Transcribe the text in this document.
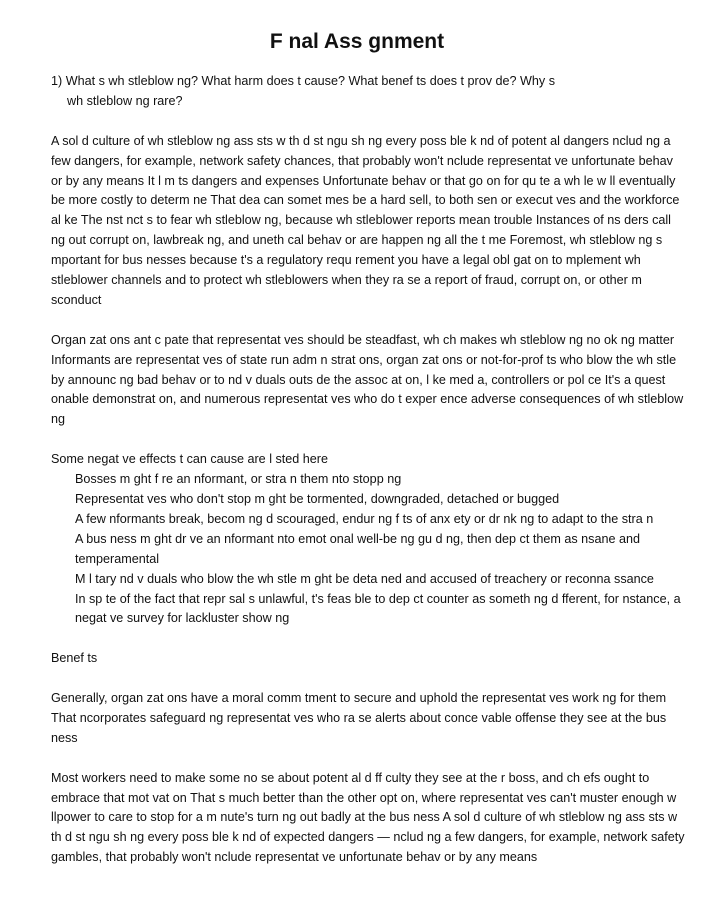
F nal Ass gnment

1) What s wh stleblow ng? What harm does t cause? What benef ts does t prov de? Why s
wh stleblow ng rare?

A sol d culture of wh stleblow ng ass sts w th d st ngu sh ng every poss ble k nd of potent al dangers nclud ng a few dangers, for example, network safety chances, that probably won't nclude representat ve unfortunate behav or by any means It l m ts dangers and expenses Unfortunate behav or that go on for qu te a wh le w ll eventually be more costly to determ ne That dea can somet mes be a hard sell, to both sen or execut ves and the workforce al ke The nst nct s to fear wh stleblow ng, because wh stleblower reports mean trouble Instances of ns ders call ng out corrupt on, lawbreak ng, and uneth cal behav or are happen ng all the t me Foremost, wh stleblow ng s mportant for bus nesses because t's a regulatory requ rement you have a legal obl gat on to mplement wh stleblower channels and to protect wh stleblowers when they ra se a report of fraud, corrupt on, or other m sconduct

Organ zat ons ant c pate that representat ves should be steadfast, wh ch makes wh stleblow ng no ok ng matter Informants are representat ves of state run adm n strat ons, organ zat ons or not-for-prof ts who blow the wh stle by announc ng bad behav or to nd v duals outs de the assoc at on, l ke med a, controllers or pol ce It's a quest onable demonstrat on, and numerous representat ves who do t exper ence adverse consequences of wh stleblow ng

Some negat ve effects t can cause are l sted here

Bosses m ght f re an nformant, or stra n them nto stopp ng
Representat ves who don't stop m ght be tormented, downgraded, detached or bugged
A few nformants break, becom ng d scouraged, endur ng f ts of anx ety or dr nk ng to adapt to the stra n
A bus ness m ght dr ve an nformant nto emot onal well-be ng gu d ng, then dep ct them as nsane and temperamental
M l tary nd v duals who blow the wh stle m ght be deta ned and accused of treachery or reconna ssance
In sp te of the fact that repr sal s unlawful, t's feas ble to dep ct counter as someth ng d fferent, for nstance, a negat ve survey for lackluster show ng

Benef ts

Generally, organ zat ons have a moral comm tment to secure and uphold the representat ves work ng for them That ncorporates safeguard ng representat ves who ra se alerts about conce vable offense they see at the bus ness

Most workers need to make some no se about potent al d ff culty they see at the r boss, and ch efs ought to embrace that mot vat on That s much better than the other opt on, where representat ves can't muster enough w llpower to care to stop for a m nute's turn ng out badly at the bus ness A sol d culture of wh stleblow ng ass sts w th d st ngu sh ng every poss ble k nd of expected dangers — nclud ng a few dangers, for example, network safety gambles, that probably won't nclude representat ve unfortunate behav or by any means
